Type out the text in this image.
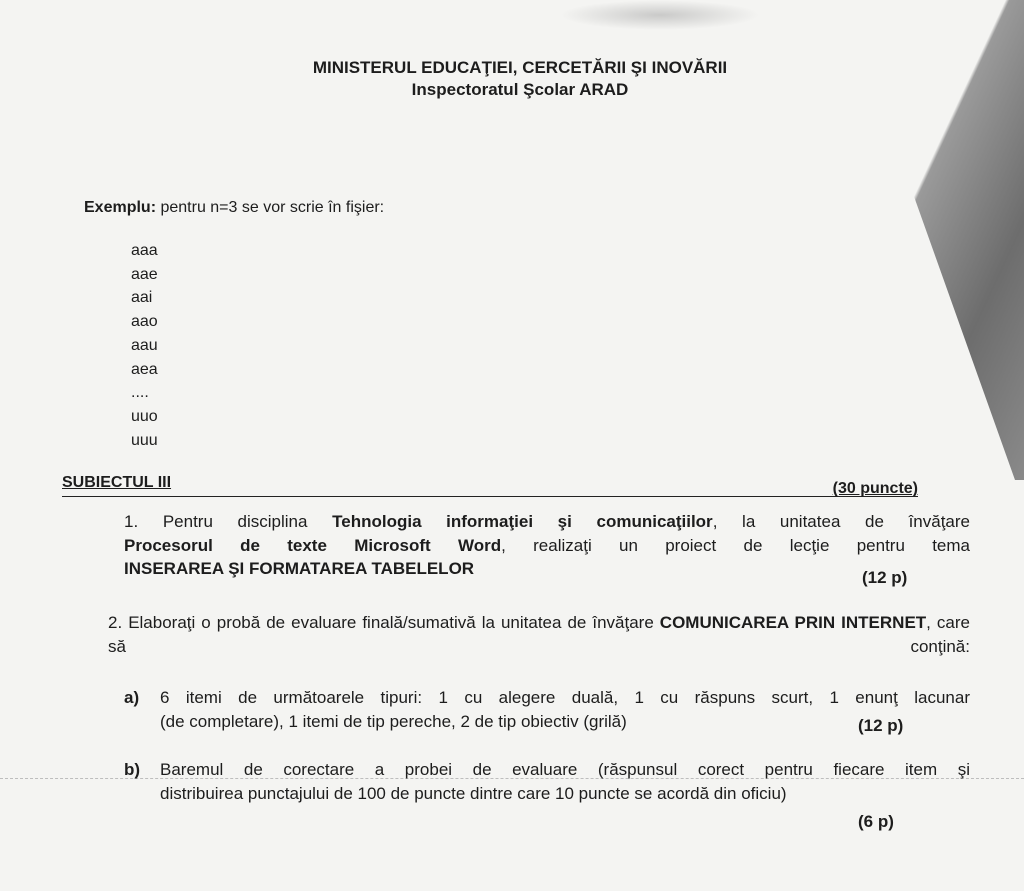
MINISTERUL EDUCAŢIEI, CERCETĂRII ŞI INOVĂRII
Inspectoratul Şcolar ARAD
Exemplu: pentru n=3 se vor scrie în fişier:
aaa
aae
aai
aao
aau
aea
....
uuo
uuu
SUBIECTUL III	(30 puncte)
1. Pentru disciplina Tehnologia informaţiei şi comunicaţiilor, la unitatea de învăţare
Procesorul de texte Microsoft Word, realizaţi un proiect de lecţie pentru tema
INSERAREA ŞI FORMATAREA TABELELOR	(12 p)
2. Elaboraţi o probă de evaluare finală/sumativă la unitatea de învăţare COMUNICAREA PRIN INTERNET, care să conţină:
a)	6 itemi de următoarele tipuri: 1 cu alegere duală, 1 cu răspuns scurt, 1 enunţ lacunar
(de completare), 1 itemi de tip pereche, 2 de tip obiectiv (grilă)	(12 p)
b)	Baremul de corectare a probei de evaluare (răspunsul corect pentru fiecare item şi
distribuirea punctajului de 100 de puncte dintre care 10 puncte se acordă din oficiu)
(6 p)
